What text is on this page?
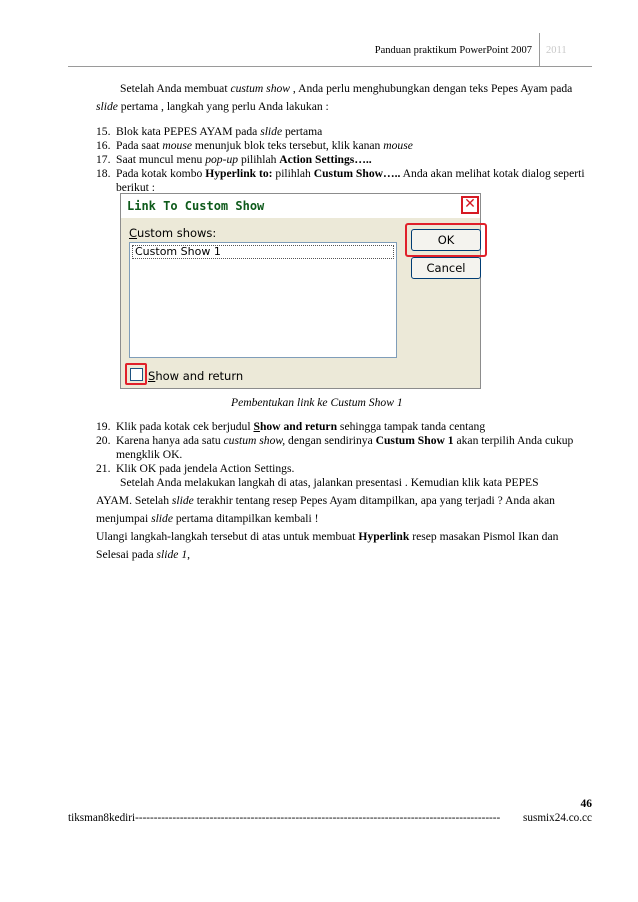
Panduan praktikum PowerPoint 2007 2011
Setelah Anda membuat custum show , Anda perlu menghubungkan dengan teks Pepes Ayam pada
slide pertama , langkah yang perlu Anda lakukan :
15. Blok kata PEPES AYAM pada slide pertama
16. Pada saat mouse menunjuk blok teks tersebut, klik kanan mouse
17. Saat muncul menu pop-up pilihlah Action Settings…..
18. Pada kotak kombo Hyperlink to: pilihlah Custum Show….. Anda akan melihat kotak dialog seperti
berikut :
Link To Custom Show	✕
Custom shows:
Custom Show 1
OK
Cancel
Show and return
Pembentukan link ke Custum Show 1
19. Klik pada kotak cek berjudul Show and return sehingga tampak tanda centang
20. Karena hanya ada satu custum show, dengan sendirinya Custum Show 1 akan terpilih Anda cukup
mengklik OK.
21. Klik OK pada jendela Action Settings.
Setelah Anda melakukan langkah di atas, jalankan presentasi . Kemudian klik kata PEPES
AYAM. Setelah slide terakhir tentang resep Pepes Ayam ditampilkan, apa yang terjadi ? Anda akan
menjumpai slide pertama ditampilkan kembali !
Ulangi langkah-langkah tersebut di atas untuk membuat Hyperlink resep masakan Pismol Ikan dan
Selesai pada slide 1,
46
tiksman8kediri --------------------------------------------------------------------------------------------------	susmix24.co.cc
